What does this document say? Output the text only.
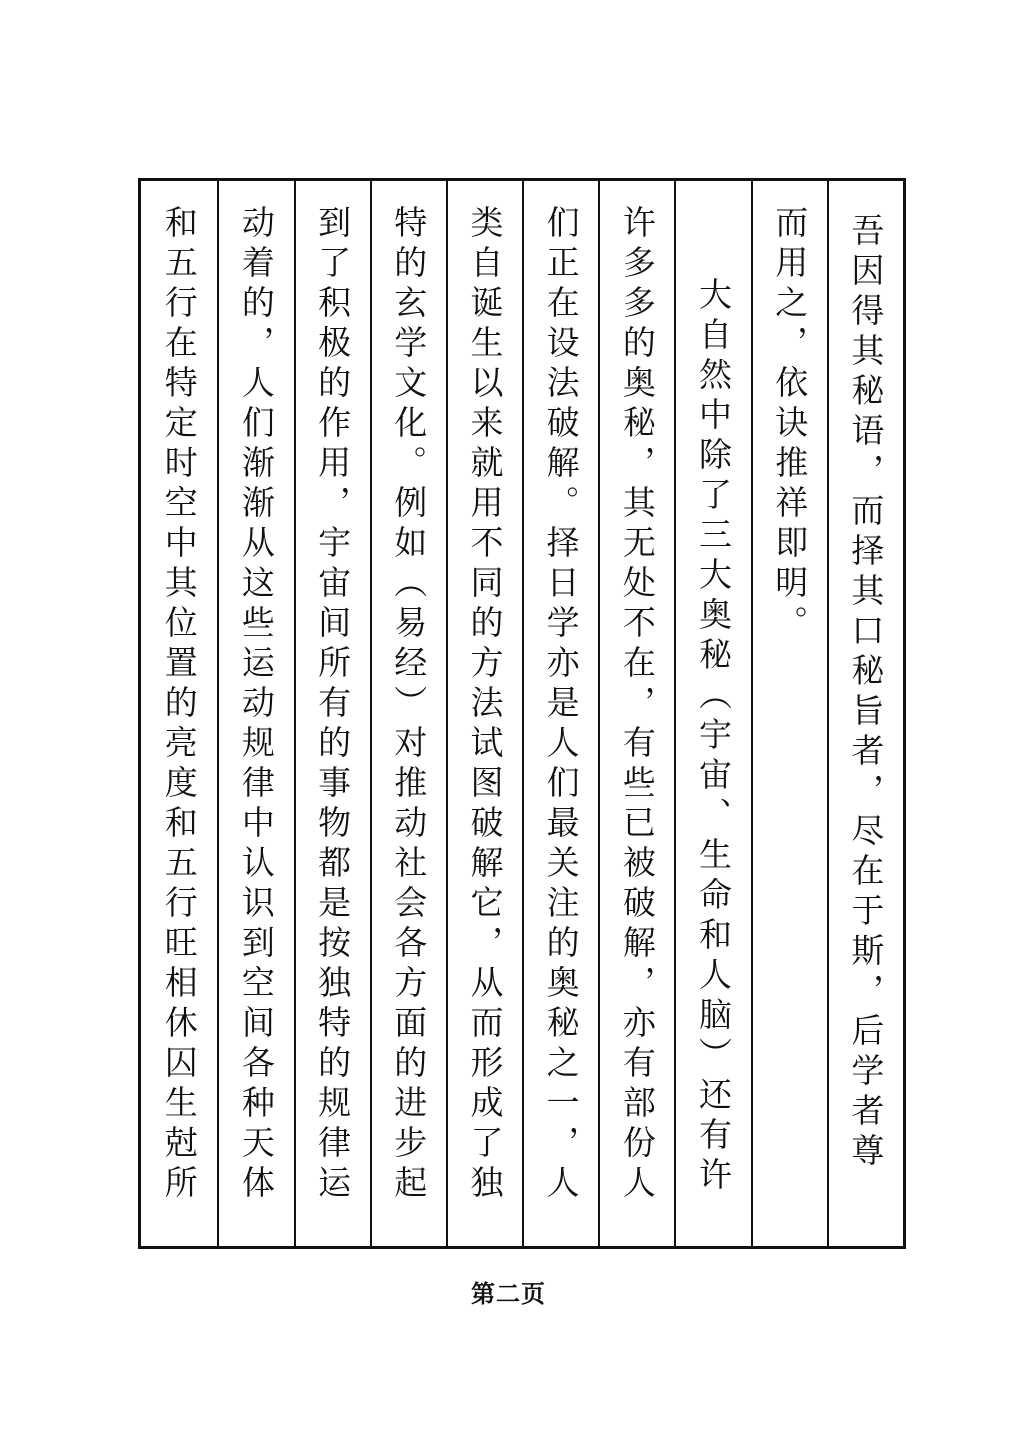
吾因得其秘语，而择其口秘旨者，尽在于斯，后学者尊
而用之，依诀推祥即明。
大自然中除了三大奥秘（宇宙、生命和人脑）还有许
许多多的奥秘，其无处不在，有些已被破解，亦有部份人
们正在设法破解。择日学亦是人们最关注的奥秘之一，人
类自诞生以来就用不同的方法试图破解它，从而形成了独
特的玄学文化。例如（易经）对推动社会各方面的进步起
到了积极的作用，宇宙间所有的事物都是按独特的规律运
动着的，人们渐渐从这些运动规律中认识到空间各种天体
和五行在特定时空中其位置的亮度和五行旺相休囚生尅所
第二页
